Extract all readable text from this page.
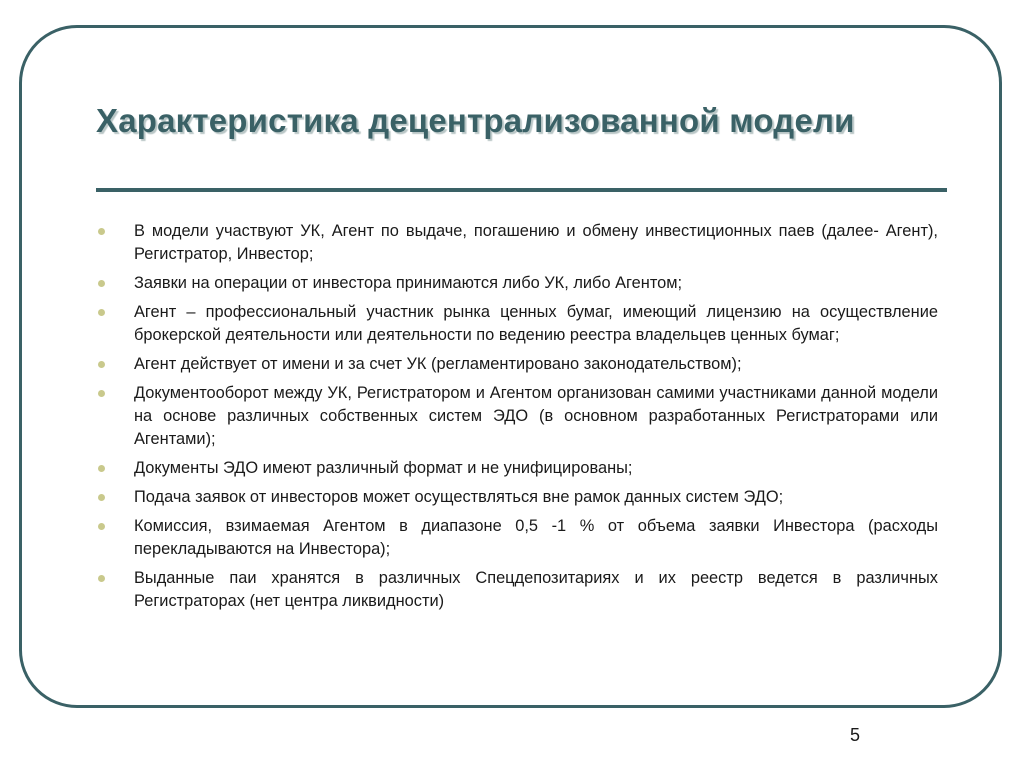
Характеристика децентрализованной модели
В модели участвуют УК, Агент по выдаче, погашению и обмену инвестиционных паев (далее- Агент), Регистратор, Инвестор;
Заявки на операции от инвестора принимаются либо УК, либо Агентом;
Агент – профессиональный участник рынка ценных бумаг, имеющий лицензию на осуществление брокерской деятельности или деятельности по ведению реестра владельцев ценных бумаг;
Агент действует от имени и за счет УК (регламентировано законодательством);
Документооборот между УК, Регистратором и Агентом организован самими участниками данной модели на основе различных собственных систем ЭДО (в основном разработанных Регистраторами или Агентами);
Документы ЭДО имеют различный формат и не унифицированы;
Подача заявок от инвесторов может осуществляться вне рамок данных систем ЭДО;
Комиссия, взимаемая Агентом в диапазоне 0,5 -1 % от объема заявки Инвестора (расходы перекладываются на Инвестора);
Выданные паи хранятся в различных Спецдепозитариях и их реестр ведется в различных Регистраторах (нет центра ликвидности)
5
